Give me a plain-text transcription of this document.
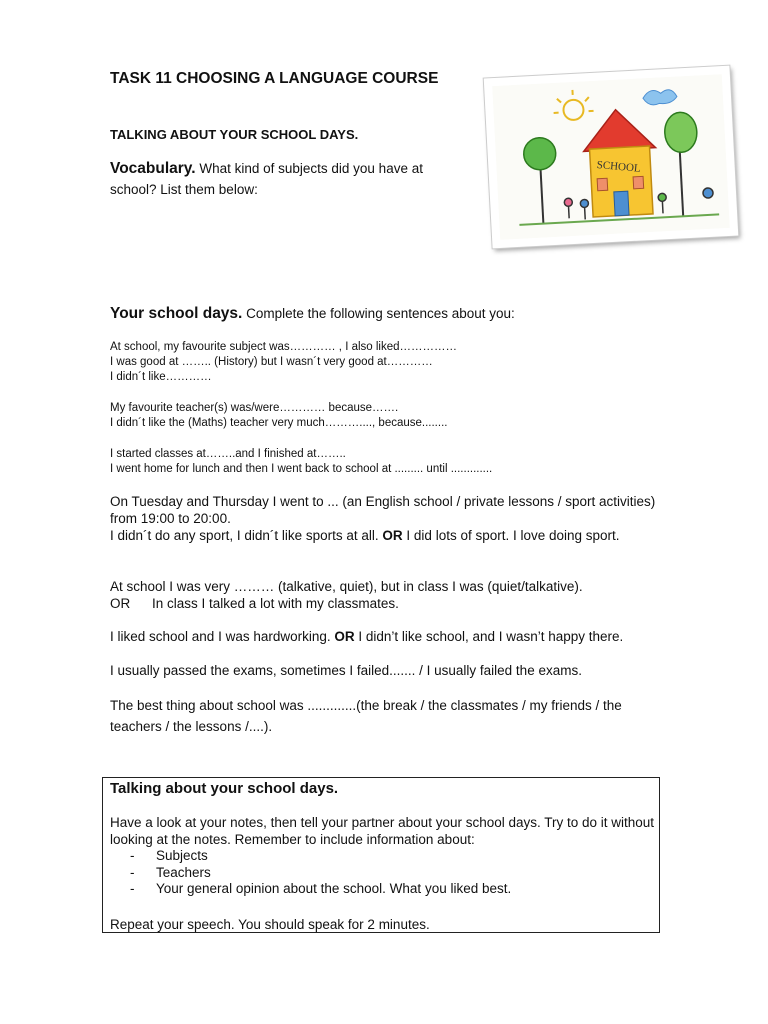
TASK 11 CHOOSING A LANGUAGE COURSE
TALKING ABOUT YOUR SCHOOL DAYS.
Vocabulary. What kind of subjects did you have at school? List them below:
SCHOOL
Your school days. Complete the following sentences about you:
At school, my favourite subject was………… , I also liked……………
I was good at …….. (History) but I wasn´t very good at…………
I didn´t like…………
My favourite teacher(s) was/were………… because…….
I didn´t like the (Maths) teacher very much………...., because........
I started classes at……..and I finished at……..
I went home for lunch and then I went back to school at ......... until .............
On Tuesday and Thursday I went to ... (an English school / private lessons / sport activities) from 19:00 to 20:00.
I didn´t do any sport, I didn´t like sports at all. OR I did lots of sport. I love doing sport.
At school I was very ……… (talkative, quiet), but in class I was (quiet/talkative).
OR In class I talked a lot with my classmates.
I liked school and I was hardworking. OR I didn’t like school, and I wasn’t happy there.
I usually passed the exams, sometimes I failed....... / I usually failed the exams.
The best thing about school was .............(the break / the classmates / my friends / the teachers / the lessons /....).
Talking about your school days.
Have a look at your notes, then tell your partner about your school days. Try to do it without looking at the notes. Remember to include information about:
-	Subjects
-	Teachers
-	Your general opinion about the school. What you liked best.
Repeat your speech. You should speak for 2 minutes.
